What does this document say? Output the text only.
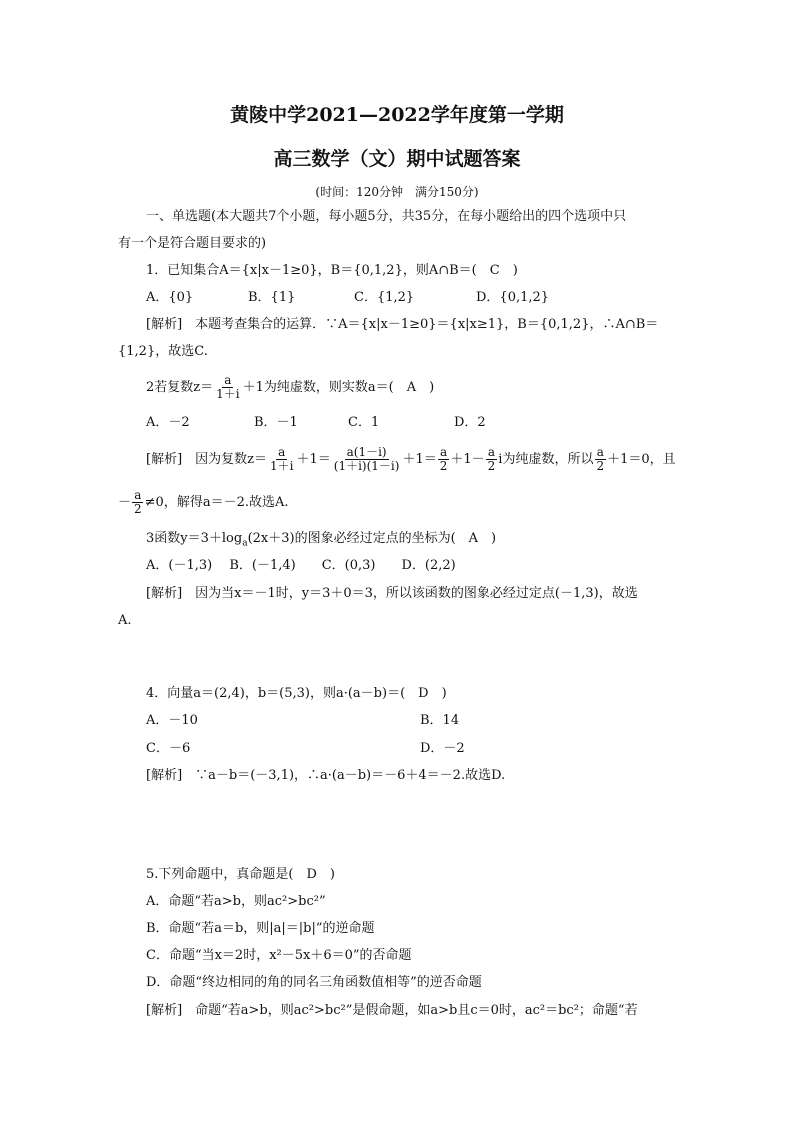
黄陵中学2021—2022学年度第一学期
高三数学（文）期中试题答案
(时间：120分钟　满分150分)
一、单选题(本大题共7个小题，每小题5分，共35分，在每小题给出的四个选项中只
有一个是符合题目要求的)
1．已知集合A＝{x|x－1≥0}，B＝{0,1,2}，则A∩B＝(　C　)
A．{0}	B．{1}	C．{1,2}	D．{0,1,2}
[解析]　本题考查集合的运算．∵A＝{x|x－1≥0}＝{x|x≥1}，B＝{0,1,2}，∴A∩B＝
{1,2}，故选C.
2若复数$z= \frac{a}{1+i} +1$为纯虚数，则实数a＝(　A　)
A．－2	B．－1	C．1	D．2
[解析]　因为复数$z= \frac{a}{1+i} +1= \frac{a(1-i)}{(1+i)(1-i)} +1= \frac{a}{2} +1- \frac{a}{2}$ i为纯虚数，所以 $\frac{a}{2} +1=0$，且
－ $\frac{a}{2} \ne 0$，解得a＝－2.故选A.
3函数$y=3+\log_a(2x+3)$的图象必经过定点的坐标为(　A　)
A．(－1,3)　 B．(－1,4)　　C．(0,3)　　D．(2,2)
[解析]　因为当x＝－1时，y＝3＋0＝3，所以该函数的图象必经过定点(－1,3)，故选
A.
4．向量a＝(2,4)，b＝(5,3)，则a·(a－b)＝(　D　)
A．－10	B．14
C．－6	D．－2
[解析]　∵a－b＝(－3,1)，∴a·(a－b)＝－6＋4＝－2.故选D.
5.下列命题中，真命题是(　D　)
A．命题“若a>b，则ac²>bc²”
B．命题“若a＝b，则|a|＝|b|”的逆命题
C．命题“当x＝2时，x²－5x＋6＝0”的否命题
D．命题“终边相同的角的同名三角函数值相等”的逆否命题
[解析]　命题“若a>b，则ac²>bc²”是假命题，如a>b且c＝0时，ac²＝bc²；命题“若
